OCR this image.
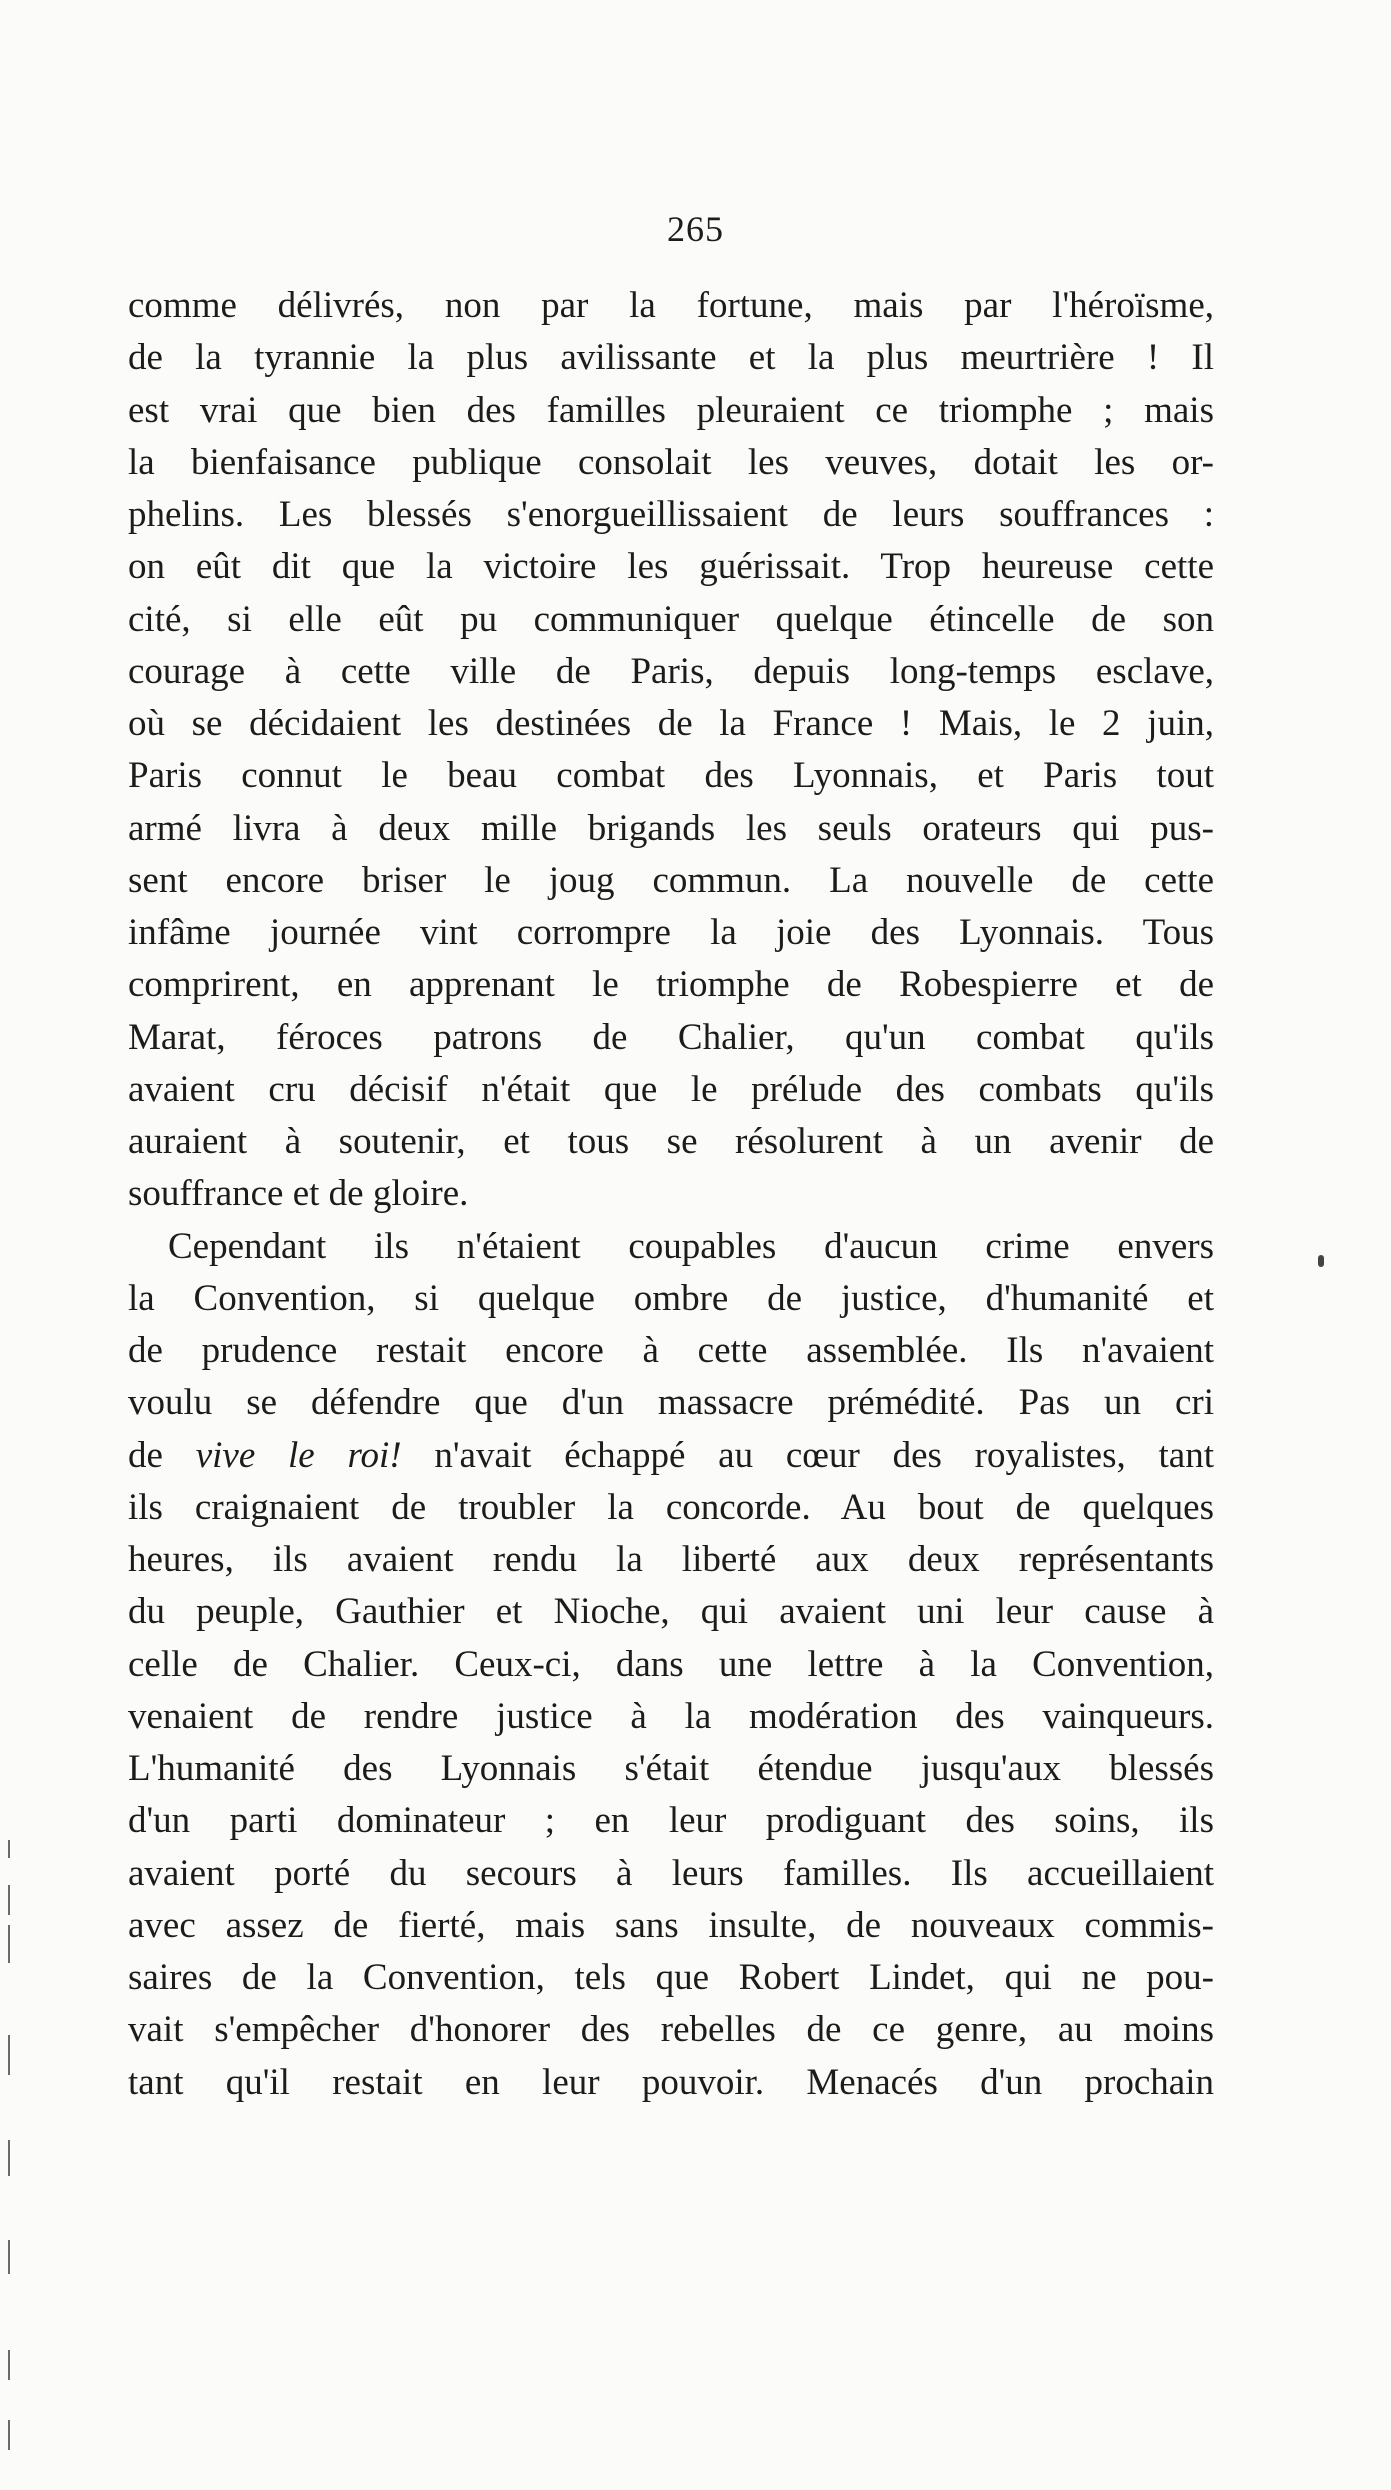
265
comme délivrés, non par la fortune, mais par l'héroïsme,
de la tyrannie la plus avilissante et la plus meurtrière ! Il
est vrai que bien des familles pleuraient ce triomphe ; mais
la bienfaisance publique consolait les veuves, dotait les or-
phelins. Les blessés s'enorgueillissaient de leurs souffrances :
on eût dit que la victoire les guérissait. Trop heureuse cette
cité, si elle eût pu communiquer quelque étincelle de son
courage à cette ville de Paris, depuis long-temps esclave,
où se décidaient les destinées de la France ! Mais, le 2 juin,
Paris connut le beau combat des Lyonnais, et Paris tout
armé livra à deux mille brigands les seuls orateurs qui pus-
sent encore briser le joug commun. La nouvelle de cette
infâme journée vint corrompre la joie des Lyonnais. Tous
comprirent, en apprenant le triomphe de Robespierre et de
Marat, féroces patrons de Chalier, qu'un combat qu'ils
avaient cru décisif n'était que le prélude des combats qu'ils
auraient à soutenir, et tous se résolurent à un avenir de
souffrance et de gloire.
Cependant ils n'étaient coupables d'aucun crime envers
la Convention, si quelque ombre de justice, d'humanité et
de prudence restait encore à cette assemblée. Ils n'avaient
voulu se défendre que d'un massacre prémédité. Pas un cri
de vive le roi! n'avait échappé au cœur des royalistes, tant
ils craignaient de troubler la concorde. Au bout de quelques
heures, ils avaient rendu la liberté aux deux représentants
du peuple, Gauthier et Nioche, qui avaient uni leur cause à
celle de Chalier. Ceux-ci, dans une lettre à la Convention,
venaient de rendre justice à la modération des vainqueurs.
L'humanité des Lyonnais s'était étendue jusqu'aux blessés
d'un parti dominateur ; en leur prodiguant des soins, ils
avaient porté du secours à leurs familles. Ils accueillaient
avec assez de fierté, mais sans insulte, de nouveaux commis-
saires de la Convention, tels que Robert Lindet, qui ne pou-
vait s'empêcher d'honorer des rebelles de ce genre, au moins
tant qu'il restait en leur pouvoir. Menacés d'un prochain
